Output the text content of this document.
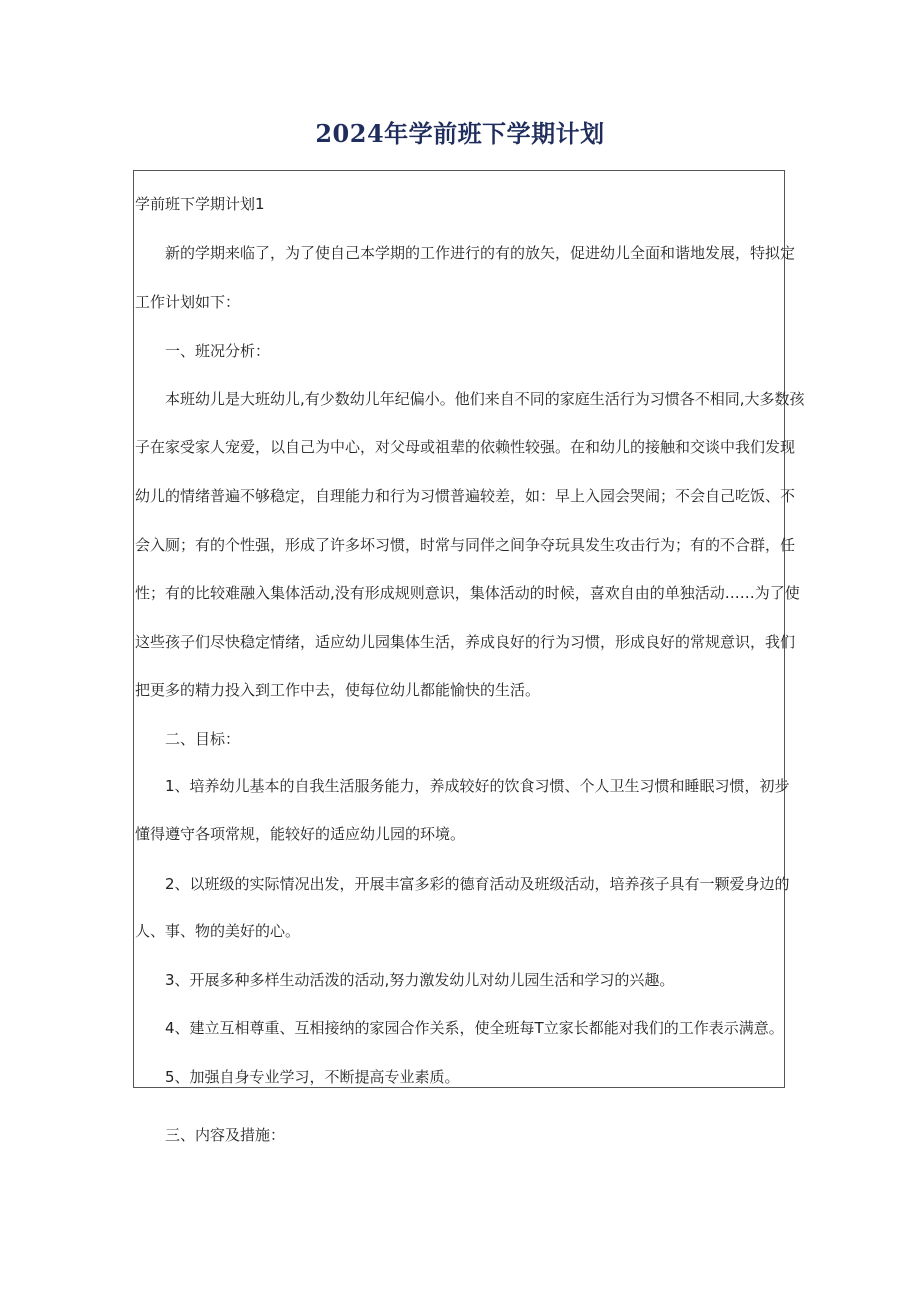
2024年学前班下学期计划
学前班下学期计划1
新的学期来临了，为了使自己本学期的工作进行的有的放矢，促进幼儿全面和谐地发展，特拟定
工作计划如下：
一、班况分析：
本班幼儿是大班幼儿,有少数幼儿年纪偏小。他们来自不同的家庭生活行为习惯各不相同,大多数孩
子在家受家人宠爱，以自己为中心，对父母或祖辈的依赖性较强。在和幼儿的接触和交谈中我们发现
幼儿的情绪普遍不够稳定，自理能力和行为习惯普遍较差，如：早上入园会哭闹；不会自己吃饭、不
会入厕；有的个性强，形成了许多坏习惯，时常与同伴之间争夺玩具发生攻击行为；有的不合群，任
性；有的比较难融入集体活动,没有形成规则意识，集体活动的时候，喜欢自由的单独活动……为了使
这些孩子们尽快稳定情绪，适应幼儿园集体生活，养成良好的行为习惯，形成良好的常规意识，我们
把更多的精力投入到工作中去，使每位幼儿都能愉快的生活。
二、目标：
1、培养幼儿基本的自我生活服务能力，养成较好的饮食习惯、个人卫生习惯和睡眠习惯，初步
懂得遵守各项常规，能较好的适应幼儿园的环境。
2、以班级的实际情况出发，开展丰富多彩的德育活动及班级活动，培养孩子具有一颗爱身边的
人、事、物的美好的心。
3、开展多种多样生动活泼的活动,努力激发幼儿对幼儿园生活和学习的兴趣。
4、建立互相尊重、互相接纳的家园合作关系，使全班每T立家长都能对我们的工作表示满意。
5、加强自身专业学习，不断提高专业素质。
三、内容及措施：
